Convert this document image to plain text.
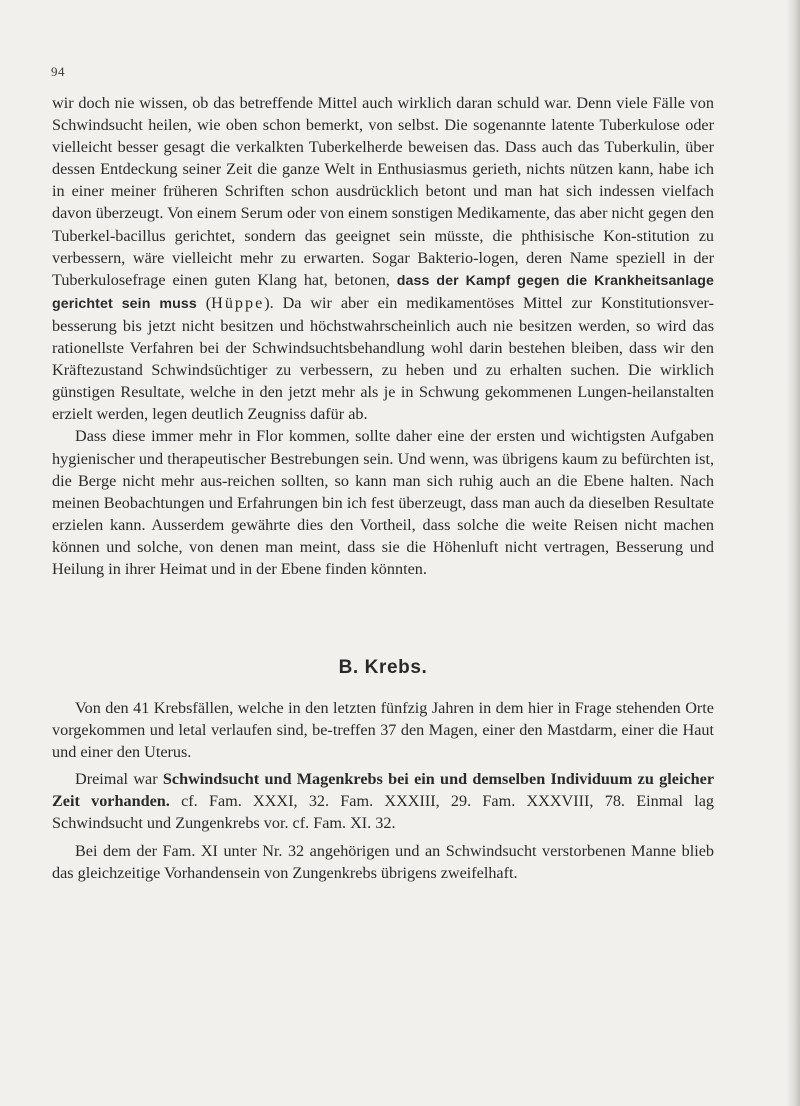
94

wir doch nie wissen, ob das betreffende Mittel auch wirklich daran schuld war. Denn viele Fälle von Schwindsucht heilen, wie oben schon bemerkt, von selbst. Die sogenannte latente Tuberkulose oder vielleicht besser gesagt die verkalkten Tuberkelherde beweisen das. Dass auch das Tuberkulin, über dessen Entdeckung seiner Zeit die ganze Welt in Enthusiasmus gerieth, nichts nützen kann, habe ich in einer meiner früheren Schriften schon ausdrücklich betont und man hat sich indessen vielfach davon überzeugt. Von einem Serum oder von einem sonstigen Medikamente, das aber nicht gegen den Tuberkel-bacillus gerichtet, sondern das geeignet sein müsste, die phthisische Kon-stitution zu verbessern, wäre vielleicht mehr zu erwarten. Sogar Bakterio-logen, deren Name speziell in der Tuberkulosefrage einen guten Klang hat, betonen, dass der Kampf gegen die Krankheitsanlage gerichtet sein muss (Hüppe). Da wir aber ein medikamentöses Mittel zur Konstitutionsver-besserung bis jetzt nicht besitzen und höchstwahrscheinlich auch nie besitzen werden, so wird das rationellste Verfahren bei der Schwindsuchtsbehandlung wohl darin bestehen bleiben, dass wir den Kräftezustand Schwindsüchtiger zu verbessern, zu heben und zu erhalten suchen. Die wirklich günstigen Resultate, welche in den jetzt mehr als je in Schwung gekommenen Lungen-heilanstalten erzielt werden, legen deutlich Zeugniss dafür ab.

Dass diese immer mehr in Flor kommen, sollte daher eine der ersten und wichtigsten Aufgaben hygienischer und therapeutischer Bestrebungen sein. Und wenn, was übrigens kaum zu befürchten ist, die Berge nicht mehr aus-reichen sollten, so kann man sich ruhig auch an die Ebene halten. Nach meinen Beobachtungen und Erfahrungen bin ich fest überzeugt, dass man auch da dieselben Resultate erzielen kann. Ausserdem gewährte dies den Vortheil, dass solche die weite Reisen nicht machen können und solche, von denen man meint, dass sie die Höhenluft nicht vertragen, Besserung und Heilung in ihrer Heimat und in der Ebene finden könnten.

B. Krebs.

Von den 41 Krebsfällen, welche in den letzten fünfzig Jahren in dem hier in Frage stehenden Orte vorgekommen und letal verlaufen sind, be-treffen 37 den Magen, einer den Mastdarm, einer die Haut und einer den Uterus.

Dreimal war Schwindsucht und Magenkrebs bei ein und demselben Individuum zu gleicher Zeit vorhanden. cf. Fam. XXXI, 32. Fam. XXXIII, 29. Fam. XXXVIII, 78. Einmal lag Schwindsucht und Zungenkrebs vor. cf. Fam. XI. 32.

Bei dem der Fam. XI unter Nr. 32 angehörigen und an Schwindsucht verstorbenen Manne blieb das gleichzeitige Vorhandensein von Zungenkrebs übrigens zweifelhaft.
